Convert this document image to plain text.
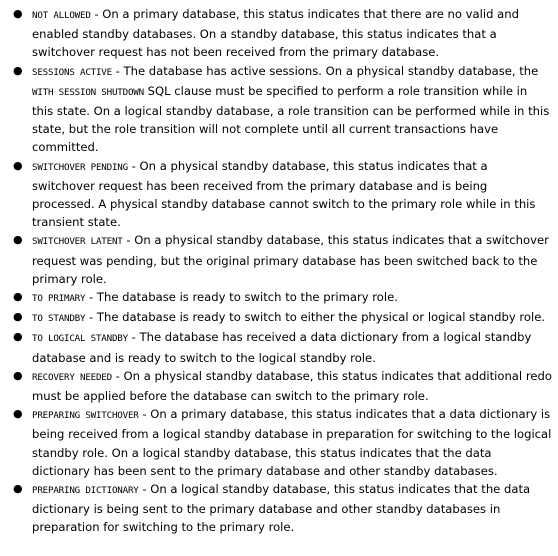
● NOT ALLOWED - On a primary database, this status indicates that there are no valid and enabled standby databases. On a standby database, this status indicates that a switchover request has not been received from the primary database.
● SESSIONS ACTIVE - The database has active sessions. On a physical standby database, the WITH SESSION SHUTDOWN SQL clause must be specified to perform a role transition while in this state. On a logical standby database, a role transition can be performed while in this state, but the role transition will not complete until all current transactions have committed.
● SWITCHOVER PENDING - On a physical standby database, this status indicates that a switchover request has been received from the primary database and is being processed. A physical standby database cannot switch to the primary role while in this transient state.
● SWITCHOVER LATENT - On a physical standby database, this status indicates that a switchover request was pending, but the original primary database has been switched back to the primary role.
● TO PRIMARY - The database is ready to switch to the primary role.
● TO STANDBY - The database is ready to switch to either the physical or logical standby role.
● TO LOGICAL STANDBY - The database has received a data dictionary from a logical standby database and is ready to switch to the logical standby role.
● RECOVERY NEEDED - On a physical standby database, this status indicates that additional redo must be applied before the database can switch to the primary role.
● PREPARING SWITCHOVER - On a primary database, this status indicates that a data dictionary is being received from a logical standby database in preparation for switching to the logical standby role. On a logical standby database, this status indicates that the data dictionary has been sent to the primary database and other standby databases.
● PREPARING DICTIONARY - On a logical standby database, this status indicates that the data dictionary is being sent to the primary database and other standby databases in preparation for switching to the primary role.
